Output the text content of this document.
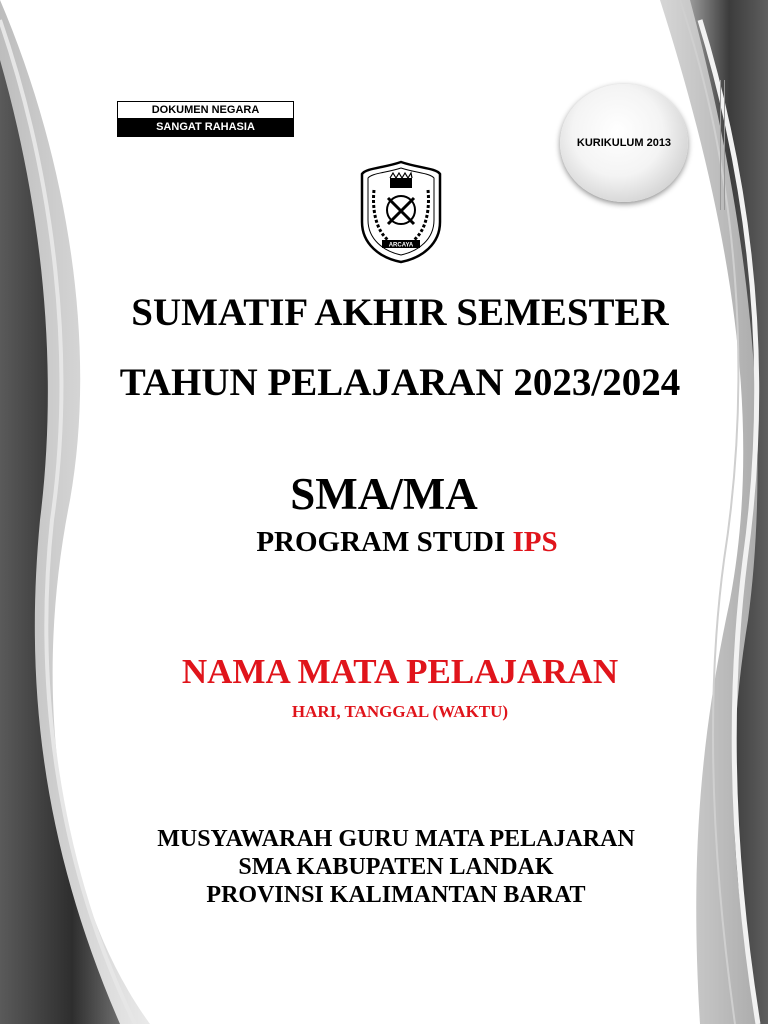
DOKUMEN NEGARA
SANGAT RAHASIA
KURIKULUM 2013
ARCAYA
SUMATIF AKHIR SEMESTER
TAHUN PELAJARAN 2023/2024
SMA/MA
PROGRAM STUDI IPS
NAMA MATA PELAJARAN
HARI, TANGGAL (WAKTU)
MUSYAWARAH GURU MATA PELAJARAN
SMA KABUPATEN LANDAK
PROVINSI KALIMANTAN BARAT
